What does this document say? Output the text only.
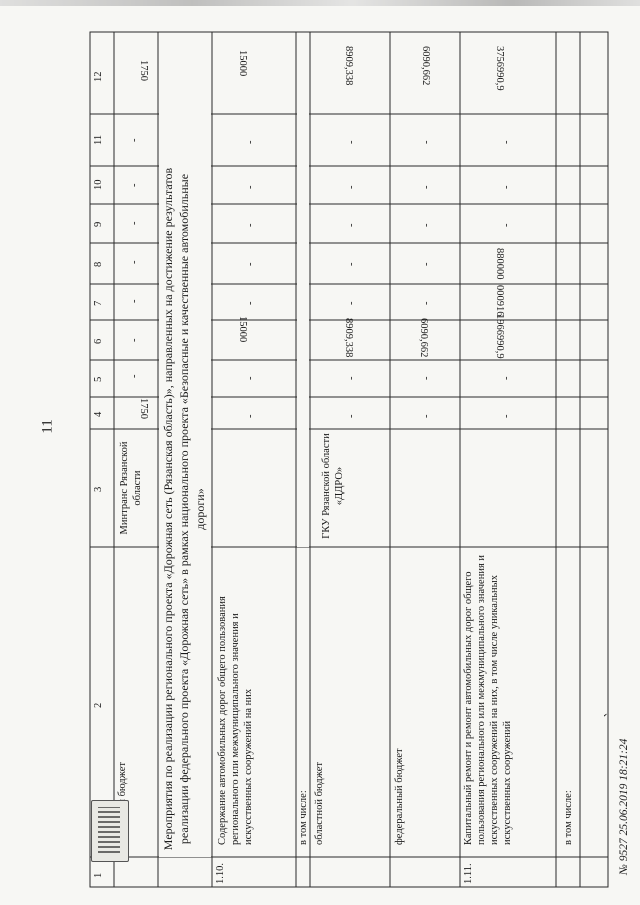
11
12
11
10
9
8
7
6
5
4
3
2
1
Минтранс Рязанской области
1750
-
-
-
-
-
-
-
1750
Мероприятия по реализации регионального проекта «Дорожная сеть (Рязанская область)», направленных на достижение результатов реализации федерального проекта «Дорожная сеть» в рамках национального проекта «Безопасные и качественные автомобильные дороги»
1.10.
Содержание автомобильных дорог общего пользования регионального или межмуниципального значения и искусственных сооружений на них
-
-
15000
-
-
-
-
-
15000
в том числе: областной бюджет
ГКУ Рязанской области «ДДРО»
-
-
8909,338
-
-
-
-
-
8909,338
федеральный бюджет
-
-
6090,662
-
-
-
-
-
6090,662
1.11.
Капитальный ремонт и ремонт автомобильных дорог общего пользования регионального или межмуниципального значения и искусственных сооружений на них, в том числе уникальных искусственных сооружений
-
-
1966990,9
000916
880000
-
-
-
3756990,9
в том числе:	№ 9527 25.06.2019 18:21:24
`
